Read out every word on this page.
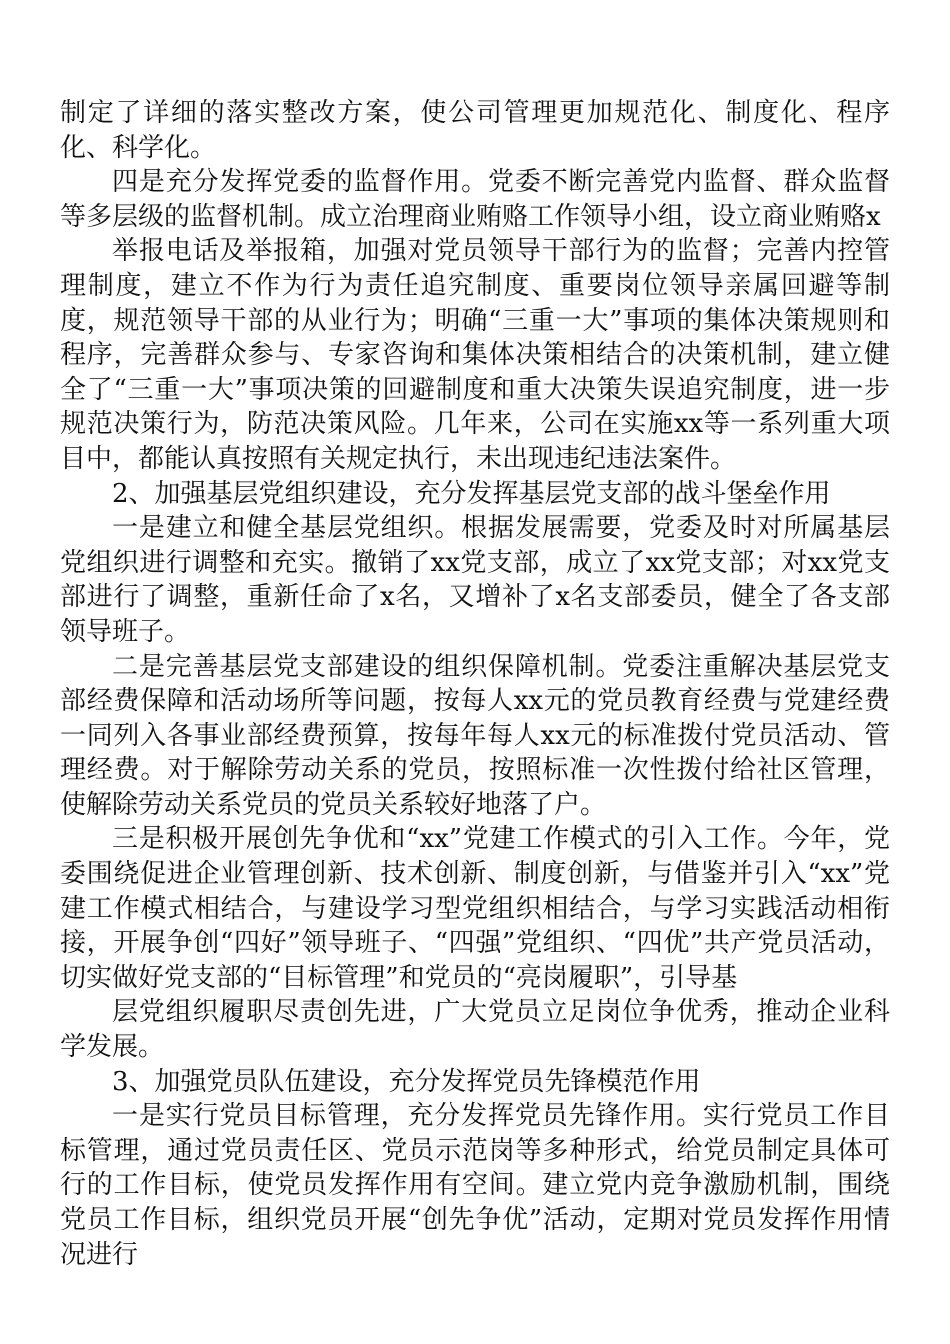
制定了详细的落实整改方案，使公司管理更加规范化、制度化、程序化、科学化。

四是充分发挥党委的监督作用。党委不断完善党内监督、群众监督等多层级的监督机制。成立治理商业贿赂工作领导小组，设立商业贿赂x

举报电话及举报箱，加强对党员领导干部行为的监督；完善内控管理制度，建立不作为行为责任追究制度、重要岗位领导亲属回避等制度，规范领导干部的从业行为；明确“三重一大”事项的集体决策规则和程序，完善群众参与、专家咨询和集体决策相结合的决策机制，建立健全了“三重一大”事项决策的回避制度和重大决策失误追究制度，进一步规范决策行为，防范决策风险。几年来，公司在实施xx等一系列重大项目中，都能认真按照有关规定执行，未出现违纪违法案件。

2、加强基层党组织建设，充分发挥基层党支部的战斗堡垒作用

一是建立和健全基层党组织。根据发展需要，党委及时对所属基层党组织进行调整和充实。撤销了xx党支部，成立了xx党支部；对xx党支部进行了调整，重新任命了x名，又增补了x名支部委员，健全了各支部领导班子。

二是完善基层党支部建设的组织保障机制。党委注重解决基层党支部经费保障和活动场所等问题，按每人xx元的党员教育经费与党建经费一同列入各事业部经费预算，按每年每人xx元的标准拨付党员活动、管理经费。对于解除劳动关系的党员，按照标准一次性拨付给社区管理，使解除劳动关系党员的党员关系较好地落了户。

三是积极开展创先争优和“xx”党建工作模式的引入工作。今年，党委围绕促进企业管理创新、技术创新、制度创新，与借鉴并引入“xx”党建工作模式相结合，与建设学习型党组织相结合，与学习实践活动相衔接，开展争创“四好”领导班子、“四强”党组织、“四优”共产党员活动，切实做好党支部的“目标管理”和党员的“亮岗履职”，引导基

层党组织履职尽责创先进，广大党员立足岗位争优秀，推动企业科学发展。

3、加强党员队伍建设，充分发挥党员先锋模范作用

一是实行党员目标管理，充分发挥党员先锋作用。实行党员工作目标管理，通过党员责任区、党员示范岗等多种形式，给党员制定具体可行的工作目标，使党员发挥作用有空间。建立党内竞争激励机制，围绕党员工作目标，组织党员开展“创先争优”活动，定期对党员发挥作用情况进行
